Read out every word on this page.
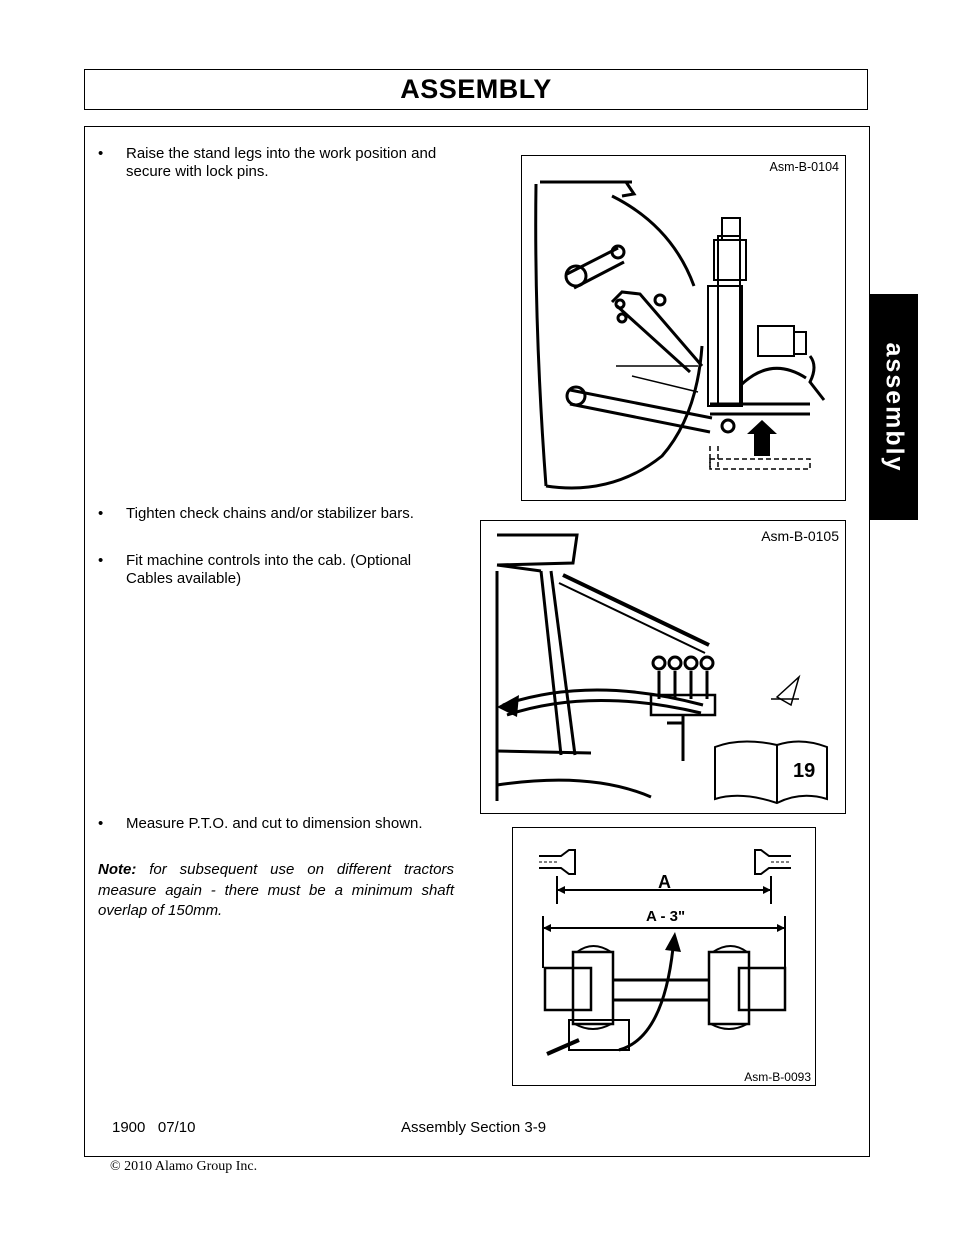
ASSEMBLY
assembly
• Raise the stand legs into the work position and
secure with lock pins.
• Tighten check chains and/or stabilizer bars.
• Fit machine controls into the cab. (Optional
Cables available)
• Measure P.T.O. and cut to dimension shown.
Note: for subsequent use on different tractors measure again - there must be a minimum shaft overlap of 150mm.
Asm-B-0104
Asm-B-0105
19
A
A - 3"
Asm-B-0093
1900   07/10	Assembly Section 3-9
© 2010 Alamo Group Inc.
